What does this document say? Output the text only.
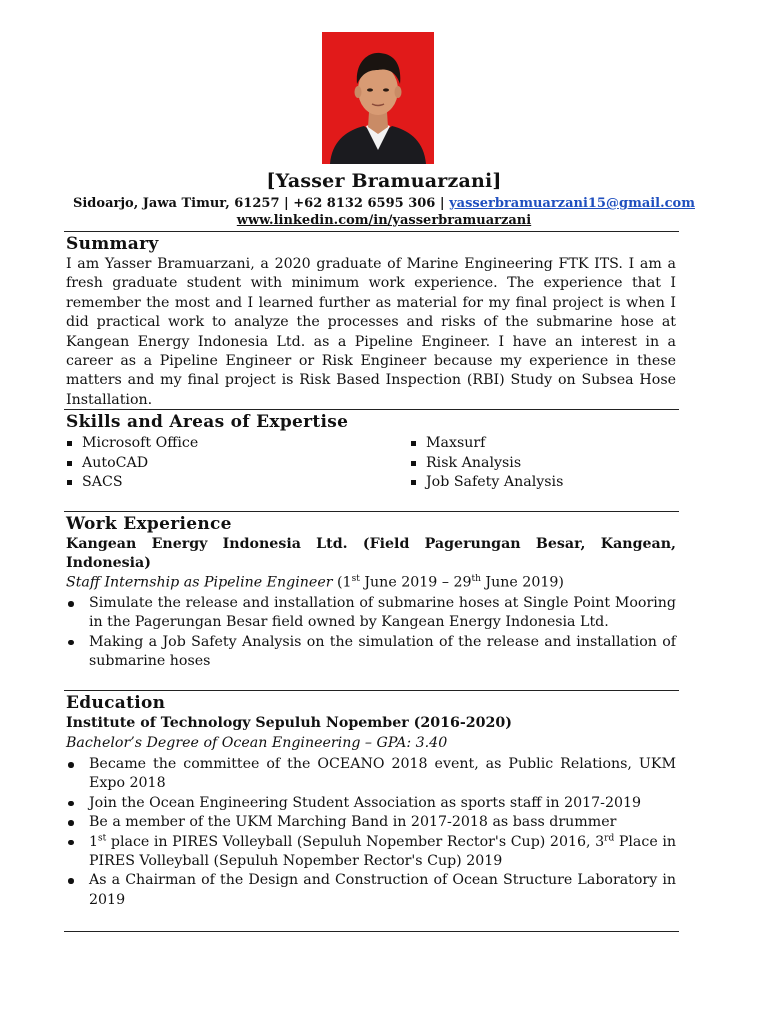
[Yasser Bramuarzani]
Sidoarjo, Jawa Timur, 61257 | +62 8132 6595 306 | yasserbramuarzani15@gmail.com
www.linkedin.com/in/yasserbramuarzani
Summary
I am Yasser Bramuarzani, a 2020 graduate of Marine Engineering FTK ITS. I am a fresh graduate student with minimum work experience. The experience that I remember the most and I learned further as material for my final project is when I did practical work to analyze the processes and risks of the submarine hose at Kangean Energy Indonesia Ltd. as a Pipeline Engineer. I have an interest in a career as a Pipeline Engineer or Risk Engineer because my experience in these matters and my final project is Risk Based Inspection (RBI) Study on Subsea Hose Installation.
Skills and Areas of Expertise
Microsoft Office
AutoCAD
SACS
Maxsurf
Risk Analysis
Job Safety Analysis
Work Experience
Kangean Energy Indonesia Ltd. (Field Pagerungan Besar, Kangean, Indonesia)
Staff Internship as Pipeline Engineer (1st June 2019 – 29th June 2019)
Simulate the release and installation of submarine hoses at Single Point Mooring in the Pagerungan Besar field owned by Kangean Energy Indonesia Ltd.
Making a Job Safety Analysis on the simulation of the release and installation of submarine hoses
Education
Institute of Technology Sepuluh Nopember (2016-2020)
Bachelor’s Degree of Ocean Engineering – GPA: 3.40
Became the committee of the OCEANO 2018 event, as Public Relations, UKM Expo 2018
Join the Ocean Engineering Student Association as sports staff in 2017-2019
Be a member of the UKM Marching Band in 2017-2018 as bass drummer
1st place in PIRES Volleyball (Sepuluh Nopember Rector's Cup) 2016, 3rd Place in PIRES Volleyball (Sepuluh Nopember Rector's Cup) 2019
As a Chairman of the Design and Construction of Ocean Structure Laboratory in 2019
